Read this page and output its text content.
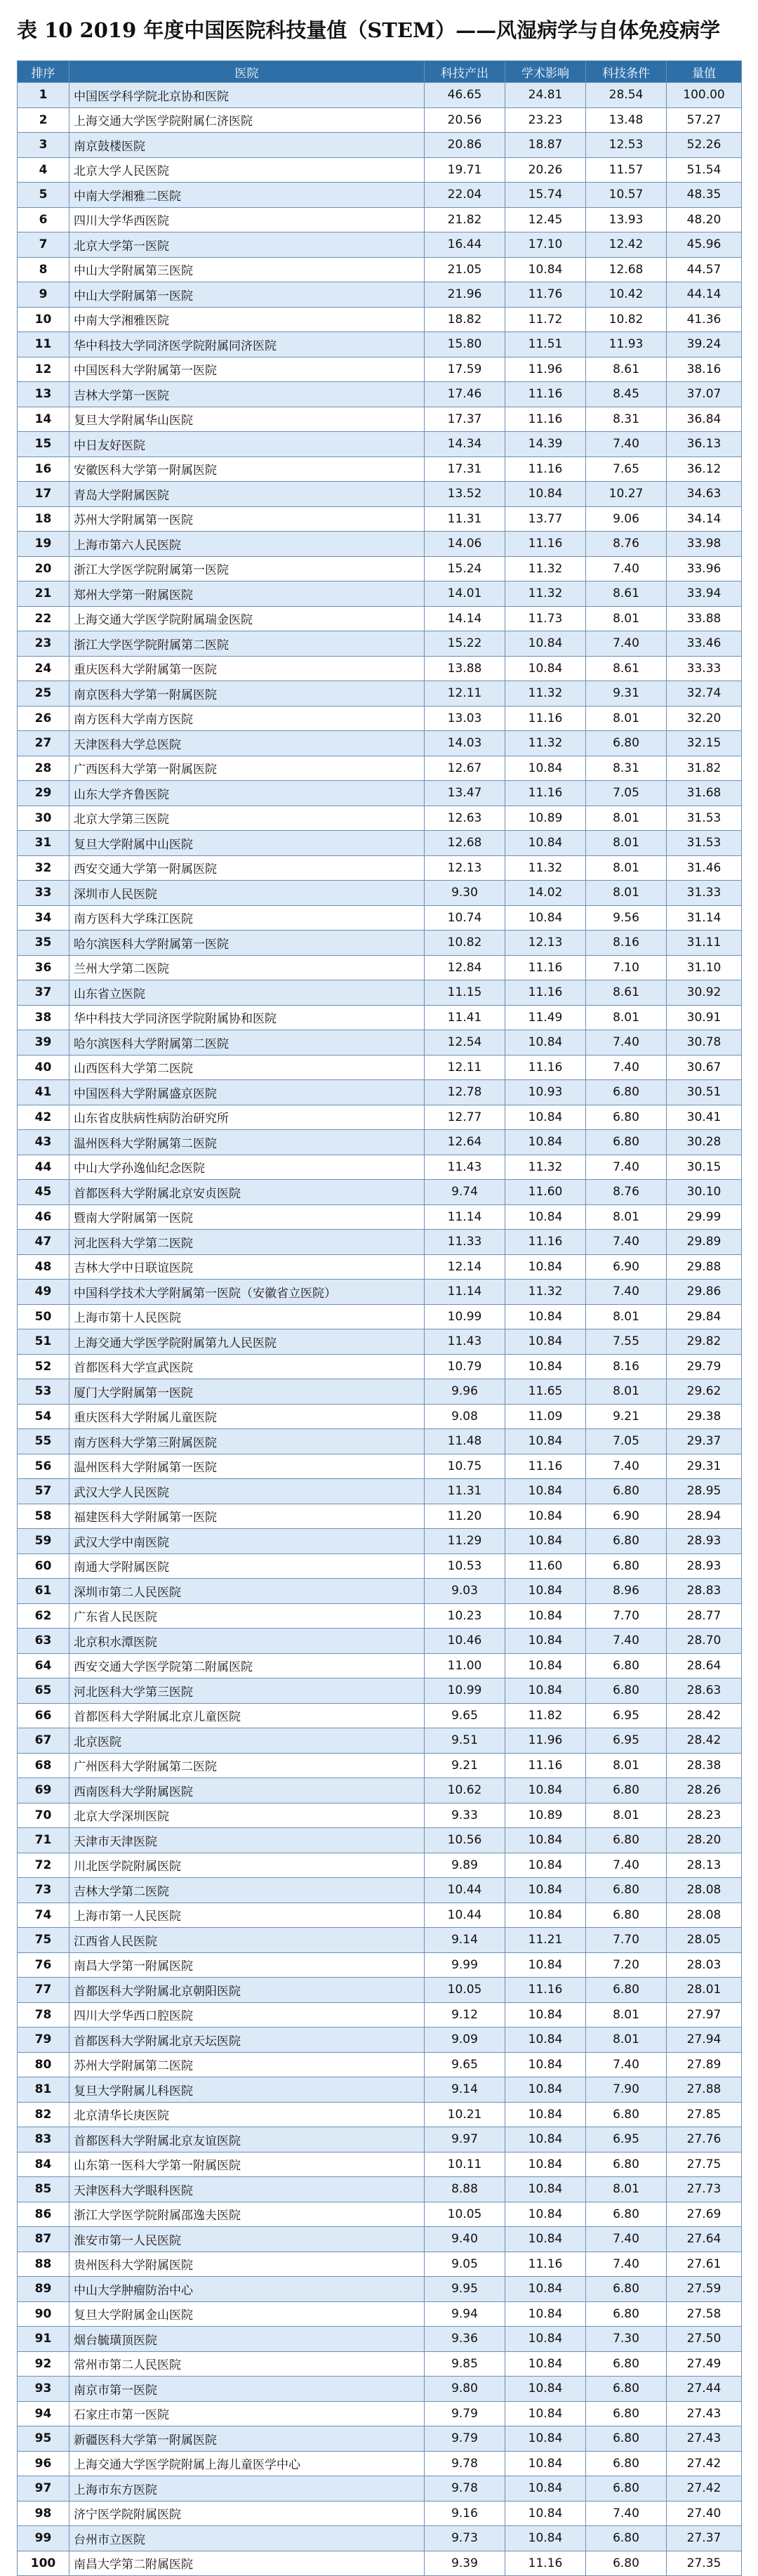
表 10 2019 年度中国医院科技量值（STEM）——风湿病学与自体免疫病学
排序	医院	科技产出	学术影响	科技条件	量值
1	中国医学科学院北京协和医院	46.65	24.81	28.54	100.00
2	上海交通大学医学院附属仁济医院	20.56	23.23	13.48	57.27
3	南京鼓楼医院	20.86	18.87	12.53	52.26
4	北京大学人民医院	19.71	20.26	11.57	51.54
5	中南大学湘雅二医院	22.04	15.74	10.57	48.35
6	四川大学华西医院	21.82	12.45	13.93	48.20
7	北京大学第一医院	16.44	17.10	12.42	45.96
8	中山大学附属第三医院	21.05	10.84	12.68	44.57
9	中山大学附属第一医院	21.96	11.76	10.42	44.14
10	中南大学湘雅医院	18.82	11.72	10.82	41.36
11	华中科技大学同济医学院附属同济医院	15.80	11.51	11.93	39.24
12	中国医科大学附属第一医院	17.59	11.96	8.61	38.16
13	吉林大学第一医院	17.46	11.16	8.45	37.07
14	复旦大学附属华山医院	17.37	11.16	8.31	36.84
15	中日友好医院	14.34	14.39	7.40	36.13
16	安徽医科大学第一附属医院	17.31	11.16	7.65	36.12
17	青岛大学附属医院	13.52	10.84	10.27	34.63
18	苏州大学附属第一医院	11.31	13.77	9.06	34.14
19	上海市第六人民医院	14.06	11.16	8.76	33.98
20	浙江大学医学院附属第一医院	15.24	11.32	7.40	33.96
21	郑州大学第一附属医院	14.01	11.32	8.61	33.94
22	上海交通大学医学院附属瑞金医院	14.14	11.73	8.01	33.88
23	浙江大学医学院附属第二医院	15.22	10.84	7.40	33.46
24	重庆医科大学附属第一医院	13.88	10.84	8.61	33.33
25	南京医科大学第一附属医院	12.11	11.32	9.31	32.74
26	南方医科大学南方医院	13.03	11.16	8.01	32.20
27	天津医科大学总医院	14.03	11.32	6.80	32.15
28	广西医科大学第一附属医院	12.67	10.84	8.31	31.82
29	山东大学齐鲁医院	13.47	11.16	7.05	31.68
30	北京大学第三医院	12.63	10.89	8.01	31.53
31	复旦大学附属中山医院	12.68	10.84	8.01	31.53
32	西安交通大学第一附属医院	12.13	11.32	8.01	31.46
33	深圳市人民医院	9.30	14.02	8.01	31.33
34	南方医科大学珠江医院	10.74	10.84	9.56	31.14
35	哈尔滨医科大学附属第一医院	10.82	12.13	8.16	31.11
36	兰州大学第二医院	12.84	11.16	7.10	31.10
37	山东省立医院	11.15	11.16	8.61	30.92
38	华中科技大学同济医学院附属协和医院	11.41	11.49	8.01	30.91
39	哈尔滨医科大学附属第二医院	12.54	10.84	7.40	30.78
40	山西医科大学第二医院	12.11	11.16	7.40	30.67
41	中国医科大学附属盛京医院	12.78	10.93	6.80	30.51
42	山东省皮肤病性病防治研究所	12.77	10.84	6.80	30.41
43	温州医科大学附属第二医院	12.64	10.84	6.80	30.28
44	中山大学孙逸仙纪念医院	11.43	11.32	7.40	30.15
45	首都医科大学附属北京安贞医院	9.74	11.60	8.76	30.10
46	暨南大学附属第一医院	11.14	10.84	8.01	29.99
47	河北医科大学第二医院	11.33	11.16	7.40	29.89
48	吉林大学中日联谊医院	12.14	10.84	6.90	29.88
49	中国科学技术大学附属第一医院（安徽省立医院）	11.14	11.32	7.40	29.86
50	上海市第十人民医院	10.99	10.84	8.01	29.84
51	上海交通大学医学院附属第九人民医院	11.43	10.84	7.55	29.82
52	首都医科大学宣武医院	10.79	10.84	8.16	29.79
53	厦门大学附属第一医院	9.96	11.65	8.01	29.62
54	重庆医科大学附属儿童医院	9.08	11.09	9.21	29.38
55	南方医科大学第三附属医院	11.48	10.84	7.05	29.37
56	温州医科大学附属第一医院	10.75	11.16	7.40	29.31
57	武汉大学人民医院	11.31	10.84	6.80	28.95
58	福建医科大学附属第一医院	11.20	10.84	6.90	28.94
59	武汉大学中南医院	11.29	10.84	6.80	28.93
60	南通大学附属医院	10.53	11.60	6.80	28.93
61	深圳市第二人民医院	9.03	10.84	8.96	28.83
62	广东省人民医院	10.23	10.84	7.70	28.77
63	北京积水潭医院	10.46	10.84	7.40	28.70
64	西安交通大学医学院第二附属医院	11.00	10.84	6.80	28.64
65	河北医科大学第三医院	10.99	10.84	6.80	28.63
66	首都医科大学附属北京儿童医院	9.65	11.82	6.95	28.42
67	北京医院	9.51	11.96	6.95	28.42
68	广州医科大学附属第二医院	9.21	11.16	8.01	28.38
69	西南医科大学附属医院	10.62	10.84	6.80	28.26
70	北京大学深圳医院	9.33	10.89	8.01	28.23
71	天津市天津医院	10.56	10.84	6.80	28.20
72	川北医学院附属医院	9.89	10.84	7.40	28.13
73	吉林大学第二医院	10.44	10.84	6.80	28.08
74	上海市第一人民医院	10.44	10.84	6.80	28.08
75	江西省人民医院	9.14	11.21	7.70	28.05
76	南昌大学第一附属医院	9.99	10.84	7.20	28.03
77	首都医科大学附属北京朝阳医院	10.05	11.16	6.80	28.01
78	四川大学华西口腔医院	9.12	10.84	8.01	27.97
79	首都医科大学附属北京天坛医院	9.09	10.84	8.01	27.94
80	苏州大学附属第二医院	9.65	10.84	7.40	27.89
81	复旦大学附属儿科医院	9.14	10.84	7.90	27.88
82	北京清华长庚医院	10.21	10.84	6.80	27.85
83	首都医科大学附属北京友谊医院	9.97	10.84	6.95	27.76
84	山东第一医科大学第一附属医院	10.11	10.84	6.80	27.75
85	天津医科大学眼科医院	8.88	10.84	8.01	27.73
86	浙江大学医学院附属邵逸夫医院	10.05	10.84	6.80	27.69
87	淮安市第一人民医院	9.40	10.84	7.40	27.64
88	贵州医科大学附属医院	9.05	11.16	7.40	27.61
89	中山大学肿瘤防治中心	9.95	10.84	6.80	27.59
90	复旦大学附属金山医院	9.94	10.84	6.80	27.58
91	烟台毓璜顶医院	9.36	10.84	7.30	27.50
92	常州市第二人民医院	9.85	10.84	6.80	27.49
93	南京市第一医院	9.80	10.84	6.80	27.44
94	石家庄市第一医院	9.79	10.84	6.80	27.43
95	新疆医科大学第一附属医院	9.79	10.84	6.80	27.43
96	上海交通大学医学院附属上海儿童医学中心	9.78	10.84	6.80	27.42
97	上海市东方医院	9.78	10.84	6.80	27.42
98	济宁医学院附属医院	9.16	10.84	7.40	27.40
99	台州市立医院	9.73	10.84	6.80	27.37
100	南昌大学第二附属医院	9.39	11.16	6.80	27.35
